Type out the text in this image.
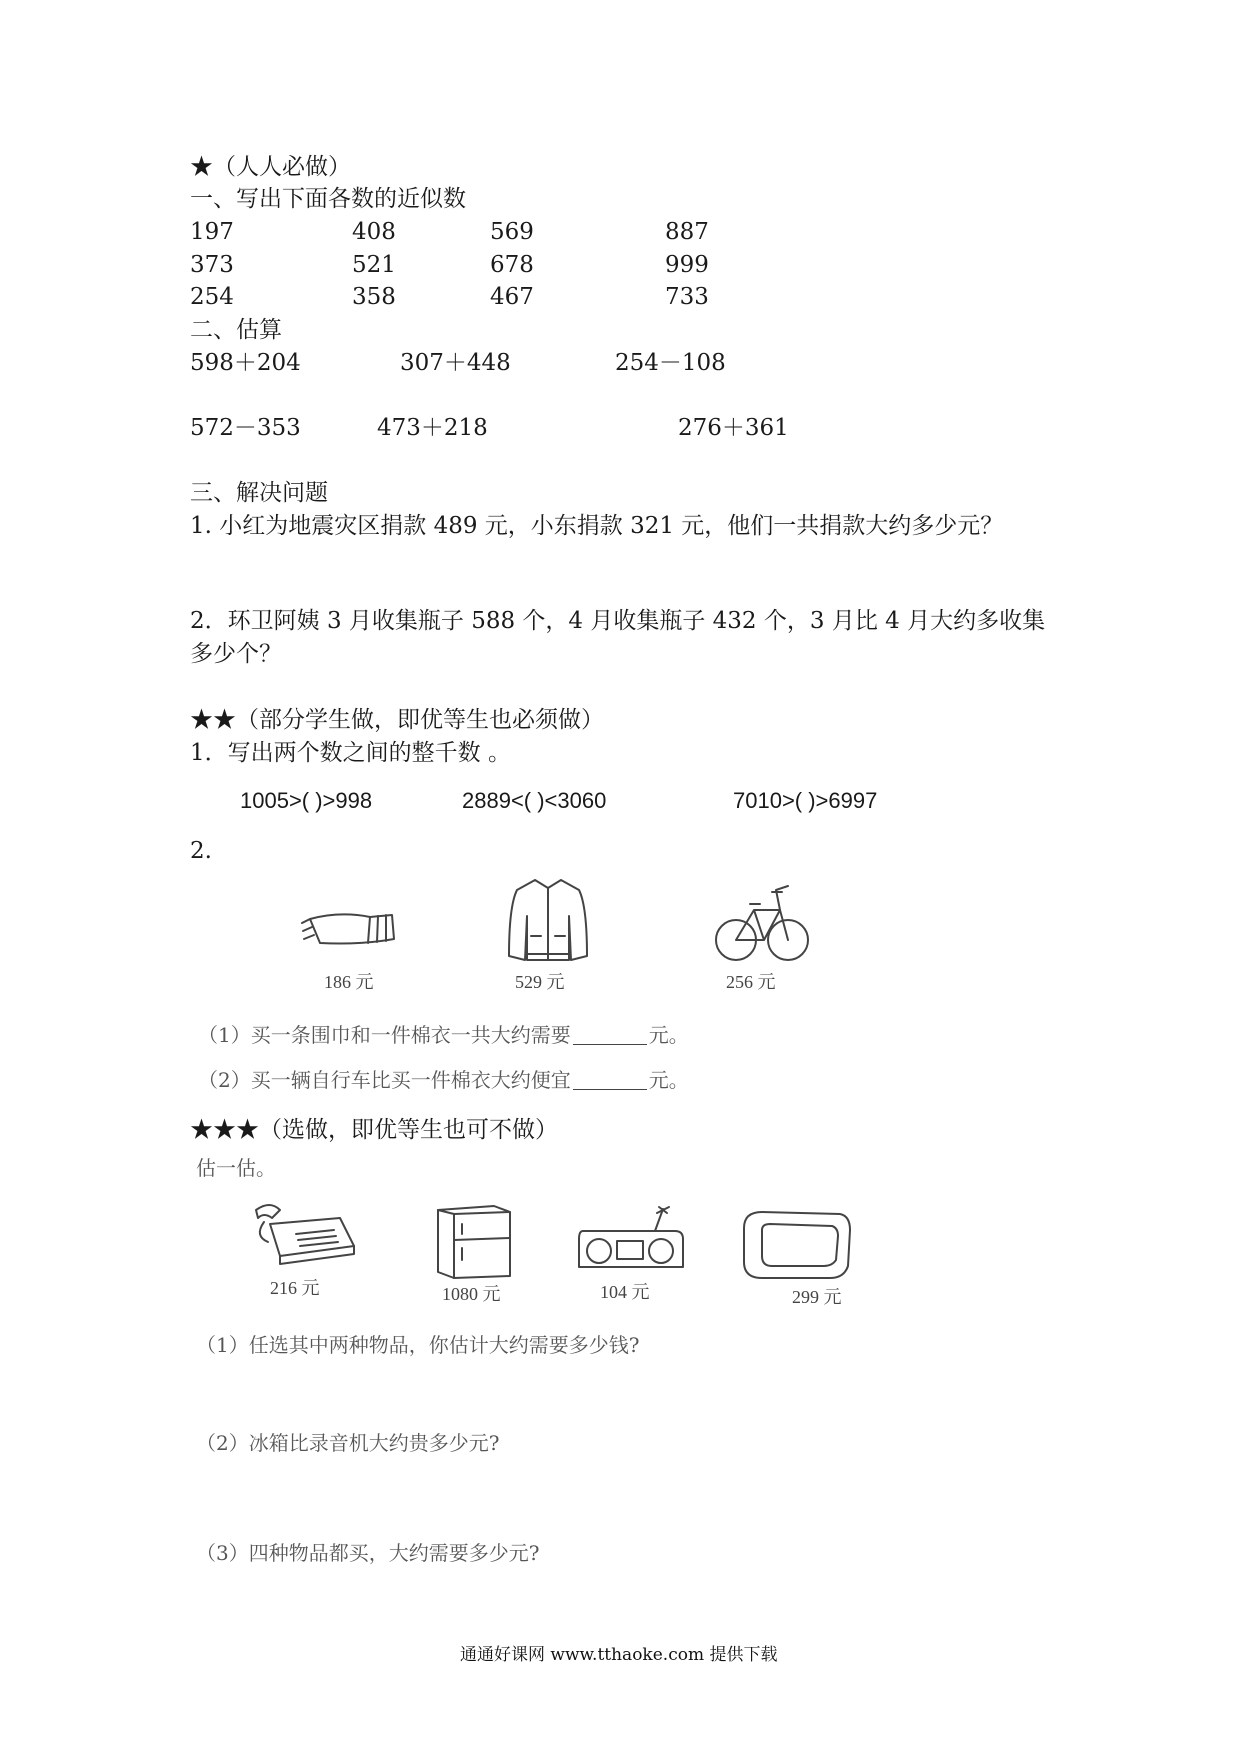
★（人人必做）
一、写出下面各数的近似数
197	408	569	887
373	521	678	999
254	358	467	733
二、估算
598＋204	307＋448	254－108
572－353	473＋218	276＋361
三、解决问题
1. 小红为地震灾区捐款 489 元，小东捐款 321 元，他们一共捐款大约多少元？
2．环卫阿姨 3 月收集瓶子 588 个，4 月收集瓶子 432 个，3 月比 4 月大约多收集
多少个？
★★（部分学生做，即优等生也必须做）
1．写出两个数之间的整千数 。
1005>( )>998	2889<( )<3060	7010>( )>6997
2.
186 元	529 元	256 元
（1）买一条围巾和一件棉衣一共大约需要	元。
（2）买一辆自行车比买一件棉衣大约便宜	元。
★★★（选做，即优等生也可不做）
估一估。
216 元	1080 元	104 元	299 元
（1）任选其中两种物品，你估计大约需要多少钱?
（2）冰箱比录音机大约贵多少元?
（3）四种物品都买，大约需要多少元?
通通好课网 www.tthaoke.com 提供下载
